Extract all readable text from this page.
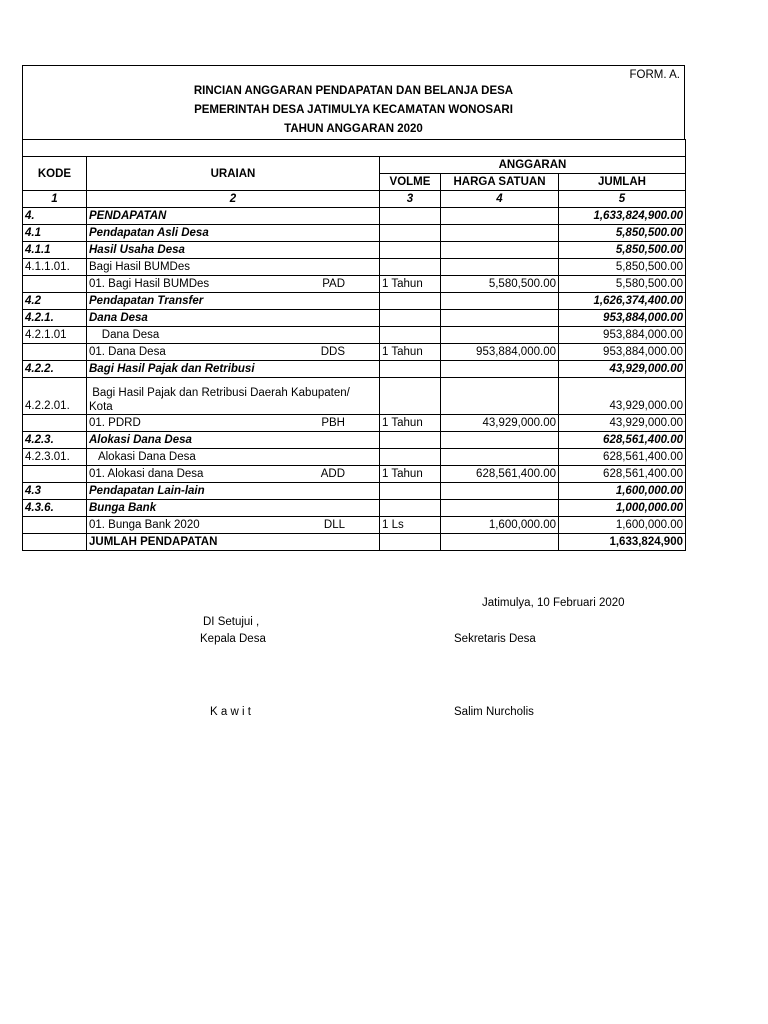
FORM. A.
RINCIAN ANGGARAN PENDAPATAN DAN BELANJA DESA
PEMERINTAH DESA JATIMULYA KECAMATAN WONOSARI
TAHUN ANGGARAN 2020

KODE	URAIAN	ANGGARAN		
		VOLME	HARGA SATUAN	JUMLAH
1	2	3	4	5
4.	PENDAPATAN			1,633,824,900.00
4.1	Pendapatan Asli Desa			5,850,500.00
4.1.1	Hasil Usaha Desa			5,850,500.00
4.1.1.01.	Bagi Hasil BUMDes			5,850,500.00
	01. Bagi Hasil BUMDes PAD	1 Tahun	5,580,500.00	5,580,500.00
4.2	Pendapatan Transfer			1,626,374,400.00
4.2.1.	Dana Desa			953,884,000.00
4.2.1.01	Dana Desa			953,884,000.00
	01. Dana Desa DDS	1 Tahun	953,884,000.00	953,884,000.00
4.2.2.	Bagi Hasil Pajak dan Retribusi			43,929,000.00
4.2.2.01.	Bagi Hasil Pajak dan Retribusi Daerah Kabupaten/
Kota			43,929,000.00
	01. PDRD PBH	1 Tahun	43,929,000.00	43,929,000.00
4.2.3.	Alokasi Dana Desa			628,561,400.00
4.2.3.01.	Alokasi Dana Desa			628,561,400.00
	01. Alokasi dana Desa ADD	1 Tahun	628,561,400.00	628,561,400.00
4.3	Pendapatan Lain-lain			1,600,000.00
4.3.6.	Bunga Bank			1,000,000.00
	01. Bunga Bank 2020 DLL	1 Ls	1,600,000.00	1,600,000.00
	JUMLAH PENDAPATAN			1,633,824,900
Jatimulya, 10 Februari 2020
DI Setujui ,
Kepala Desa	Sekretaris Desa
K a w i t	Salim Nurcholis
